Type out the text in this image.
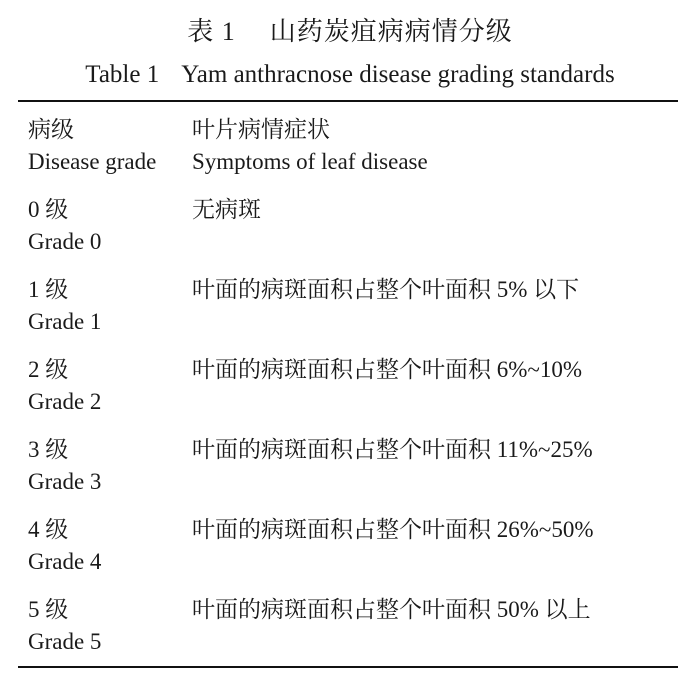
表 1 山药炭疽病病情分级
Table 1 Yam anthracnose disease grading standards
病级
Disease grade
叶片病情症状
Symptoms of leaf disease
0 级
Grade 0
无病斑
1 级
Grade 1
叶面的病斑面积占整个叶面积 5% 以下
2 级
Grade 2
叶面的病斑面积占整个叶面积 6%~10%
3 级
Grade 3
叶面的病斑面积占整个叶面积 11%~25%
4 级
Grade 4
叶面的病斑面积占整个叶面积 26%~50%
5 级
Grade 5
叶面的病斑面积占整个叶面积 50% 以上
